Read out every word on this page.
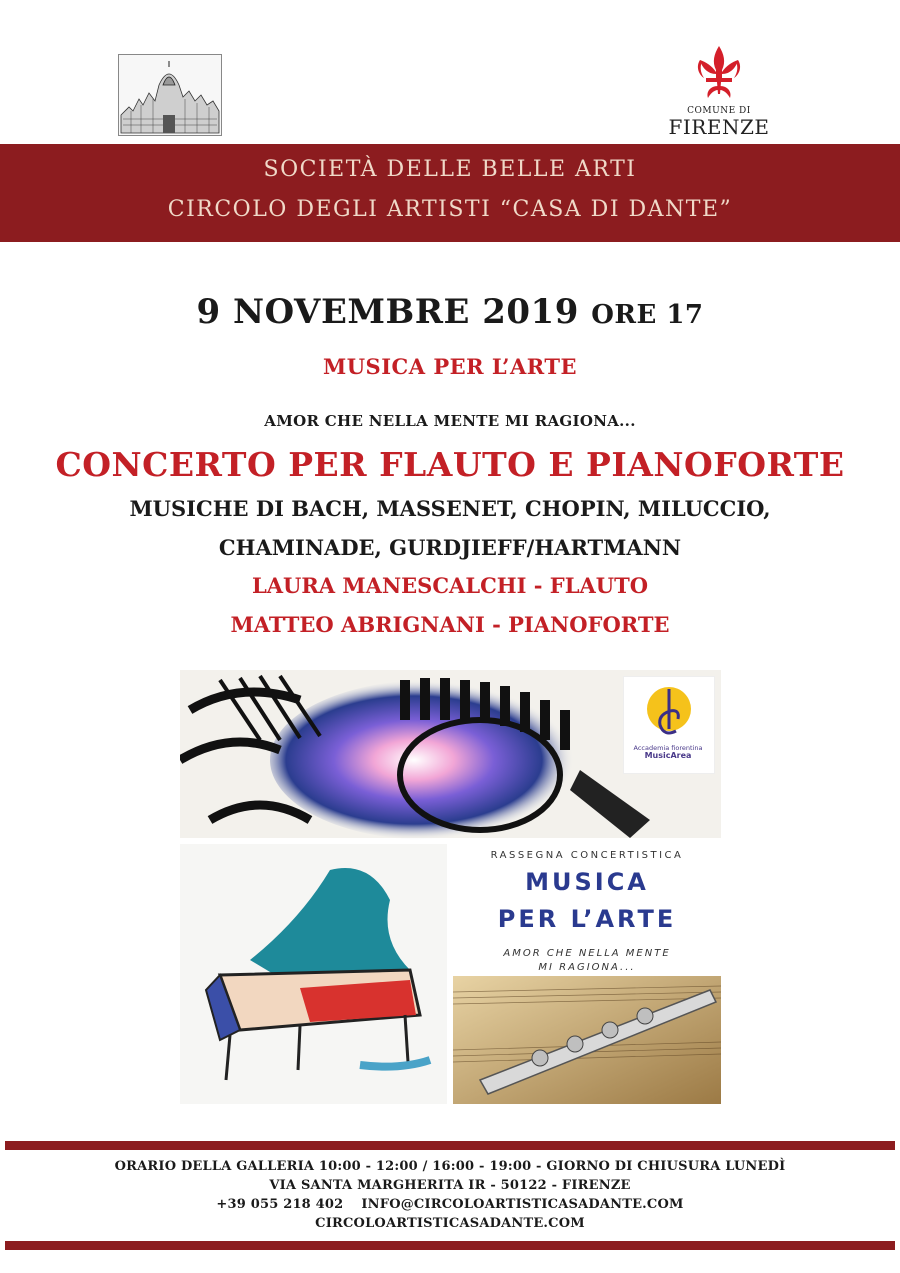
COMUNE DI
FIRENZE
SOCIETÀ DELLE BELLE ARTI
CIRCOLO DEGLI ARTISTI “CASA DI DANTE”
9 NOVEMBRE 2019 ORE 17
MUSICA PER L’ARTE
AMOR CHE NELLA MENTE MI RAGIONA...
CONCERTO PER FLAUTO E PIANOFORTE
MUSICHE DI BACH, MASSENET, CHOPIN, MILUCCIO,
CHAMINADE, GURDJIEFF/HARTMANN
LAURA MANESCALCHI - FLAUTO
MATTEO ABRIGNANI - PIANOFORTE
Accademia fiorentina
MusicArea
RASSEGNA CONCERTISTICA
MUSICA
PER L’ARTE
AMOR CHE NELLA MENTE
MI RAGIONA...
ORARIO DELLA GALLERIA 10:00 - 12:00 / 16:00 - 19:00 - GIORNO DI CHIUSURA LUNEDÌ
VIA SANTA MARGHERITA IR - 50122 - FIRENZE
+39 055 218 402 INFO@CIRCOLOARTISTICASADANTE.COM
CIRCOLOARTISTICASADANTE.COM
